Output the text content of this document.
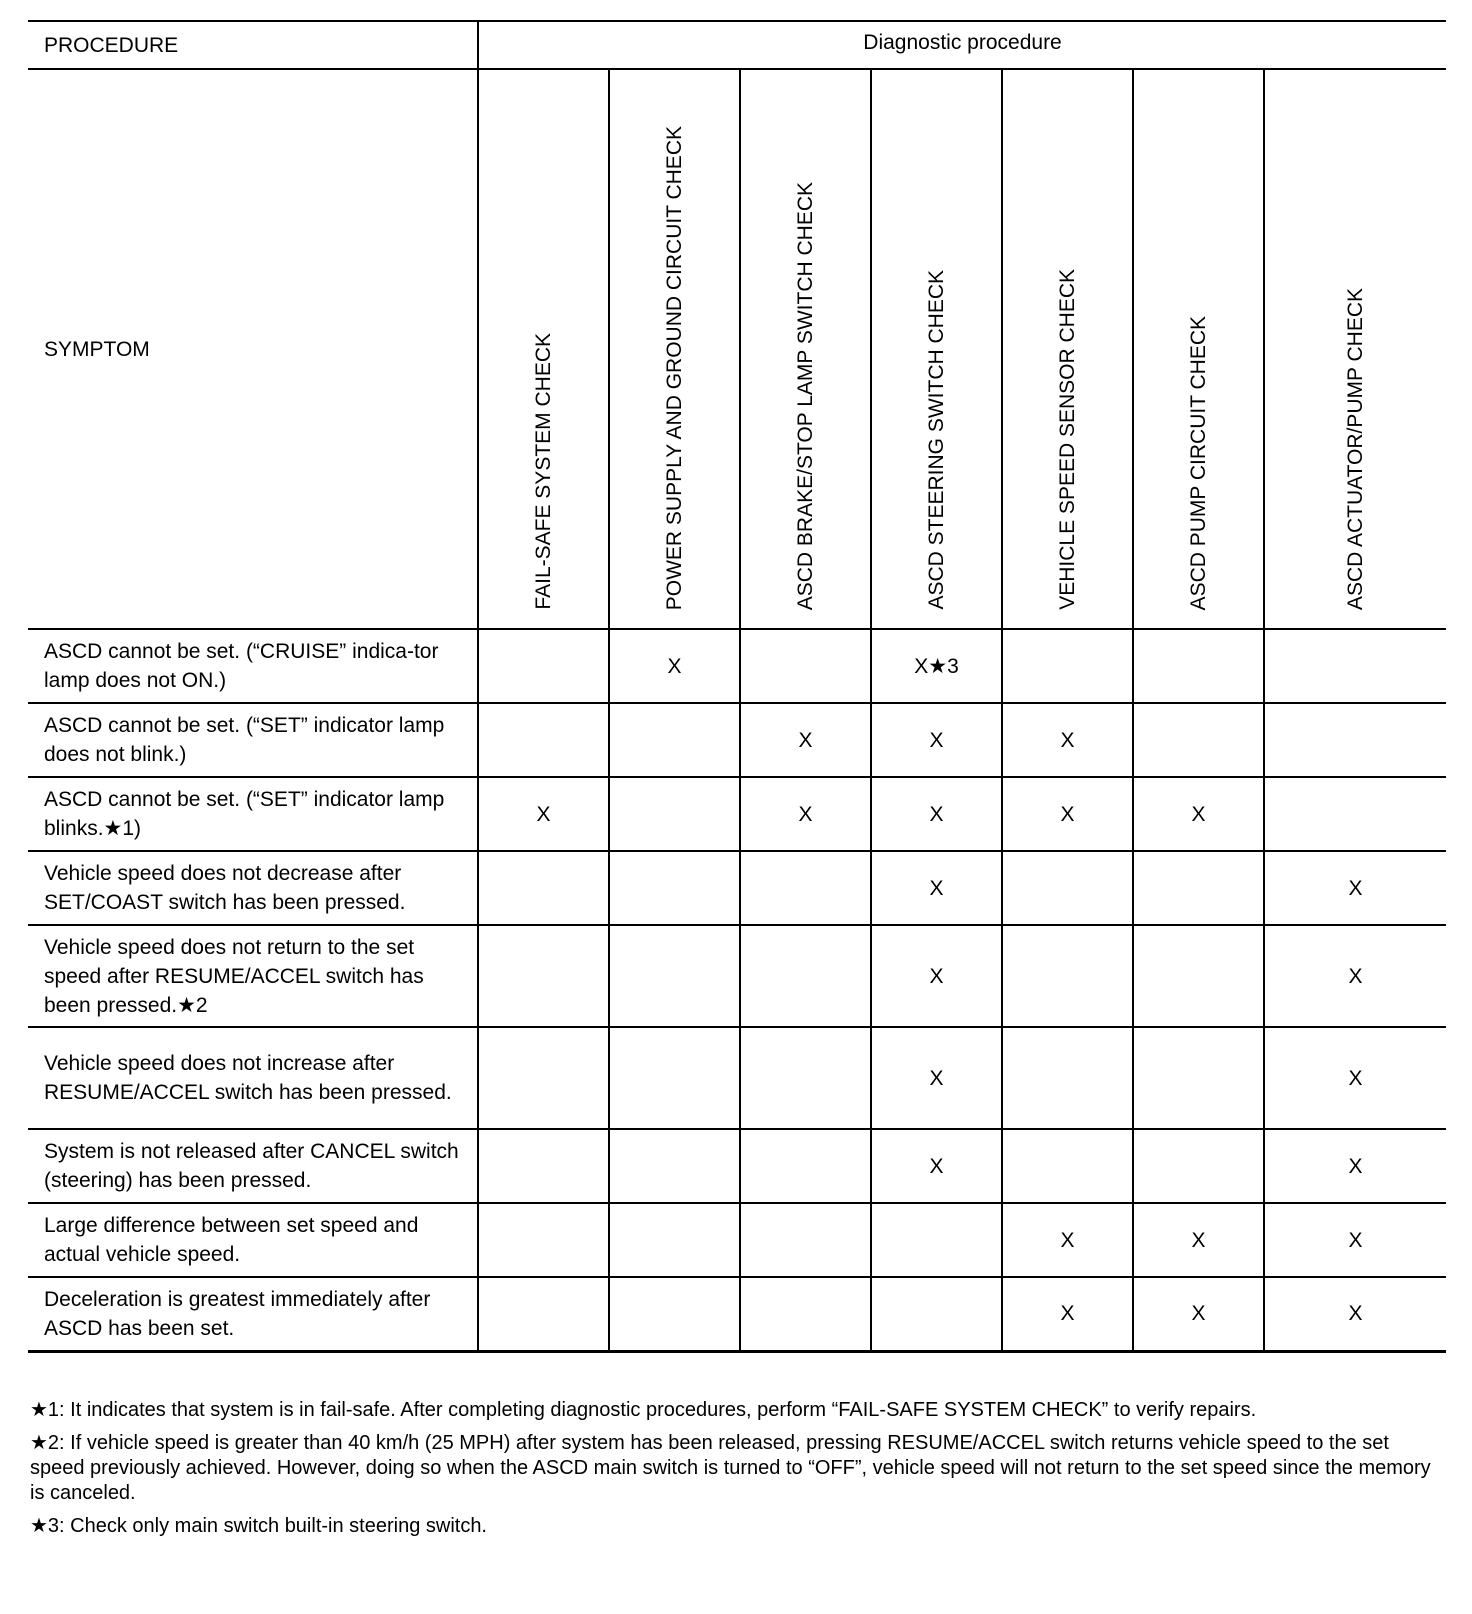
PROCEDURE	Diagnostic procedure						
SYMPTOM	FAIL-SAFE SYSTEM CHECK	POWER SUPPLY AND GROUND CIRCUIT CHECK	ASCD BRAKE/STOP LAMP SWITCH CHECK	ASCD STEERING SWITCH CHECK	VEHICLE SPEED SENSOR CHECK	ASCD PUMP CIRCUIT CHECK	ASCD ACTUATOR/PUMP CHECK

ASCD cannot be set. (“CRUISE” indica-tor lamp does not ON.)		X		X★3			
ASCD cannot be set. (“SET” indicator lamp does not blink.)			X	X	X		
ASCD cannot be set. (“SET” indicator lamp blinks.★1)	X		X	X	X	X	
Vehicle speed does not decrease after SET/COAST switch has been pressed.				X			X
Vehicle speed does not return to the set speed after RESUME/ACCEL switch has been pressed.★2				X			X
Vehicle speed does not increase after RESUME/ACCEL switch has been pressed.				X			X
System is not released after CANCEL switch (steering) has been pressed.				X			X
Large difference between set speed and actual vehicle speed.					X	X	X
Deceleration is greatest immediately after ASCD has been set.					X	X	X

★1: It indicates that system is in fail-safe. After completing diagnostic procedures, perform “FAIL-SAFE SYSTEM CHECK” to verify repairs.

★2: If vehicle speed is greater than 40 km/h (25 MPH) after system has been released, pressing RESUME/ACCEL switch returns vehicle speed to the set speed previously achieved. However, doing so when the ASCD main switch is turned to “OFF”, vehicle speed will not return to the set speed since the memory is canceled.

★3: Check only main switch built-in steering switch.
